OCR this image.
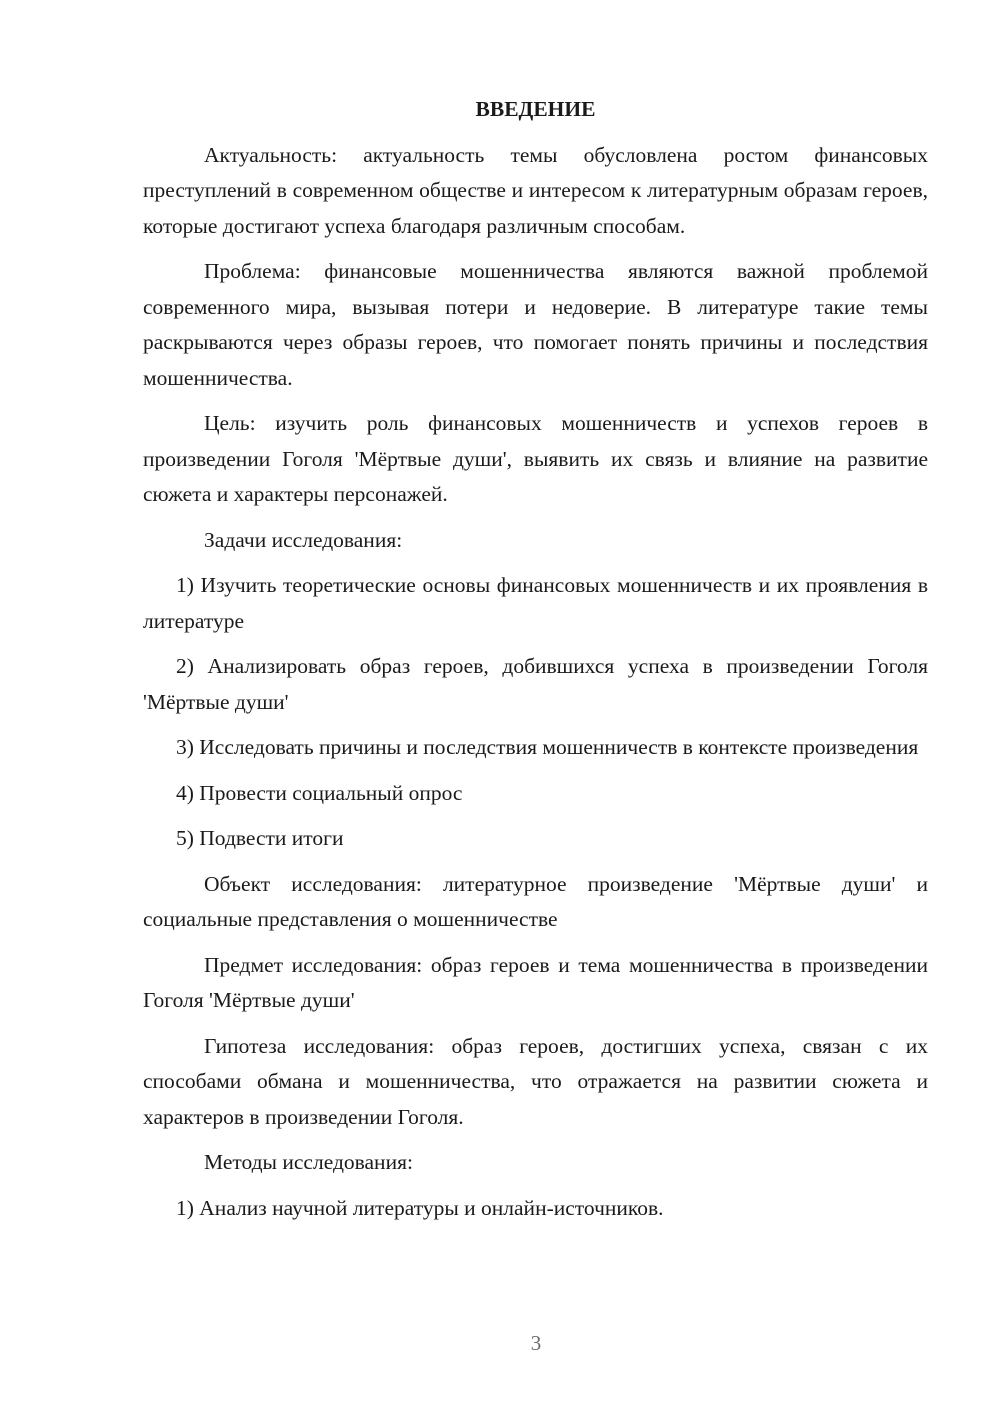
ВВЕДЕНИЕ

Актуальность: актуальность темы обусловлена ростом финансовых преступлений в современном обществе и интересом к литературным образам героев, которые достигают успеха благодаря различным способам.

Проблема: финансовые мошенничества являются важной проблемой современного мира, вызывая потери и недоверие. В литературе такие темы раскрываются через образы героев, что помогает понять причины и последствия мошенничества.

Цель: изучить роль финансовых мошенничеств и успехов героев в произведении Гоголя 'Мёртвые души', выявить их связь и влияние на развитие сюжета и характеры персонажей.

Задачи исследования:

1) Изучить теоретические основы финансовых мошенничеств и их проявления в литературе

2) Анализировать образ героев, добившихся успеха в произведении Гоголя 'Мёртвые души'

3) Исследовать причины и последствия мошенничеств в контексте произведения

4) Провести социальный опрос

5) Подвести итоги

Объект исследования: литературное произведение 'Мёртвые души' и социальные представления о мошенничестве

Предмет исследования: образ героев и тема мошенничества в произведении Гоголя 'Мёртвые души'

Гипотеза исследования: образ героев, достигших успеха, связан с их способами обмана и мошенничества, что отражается на развитии сюжета и характеров в произведении Гоголя.

Методы исследования:

1) Анализ научной литературы и онлайн-источников.

3
